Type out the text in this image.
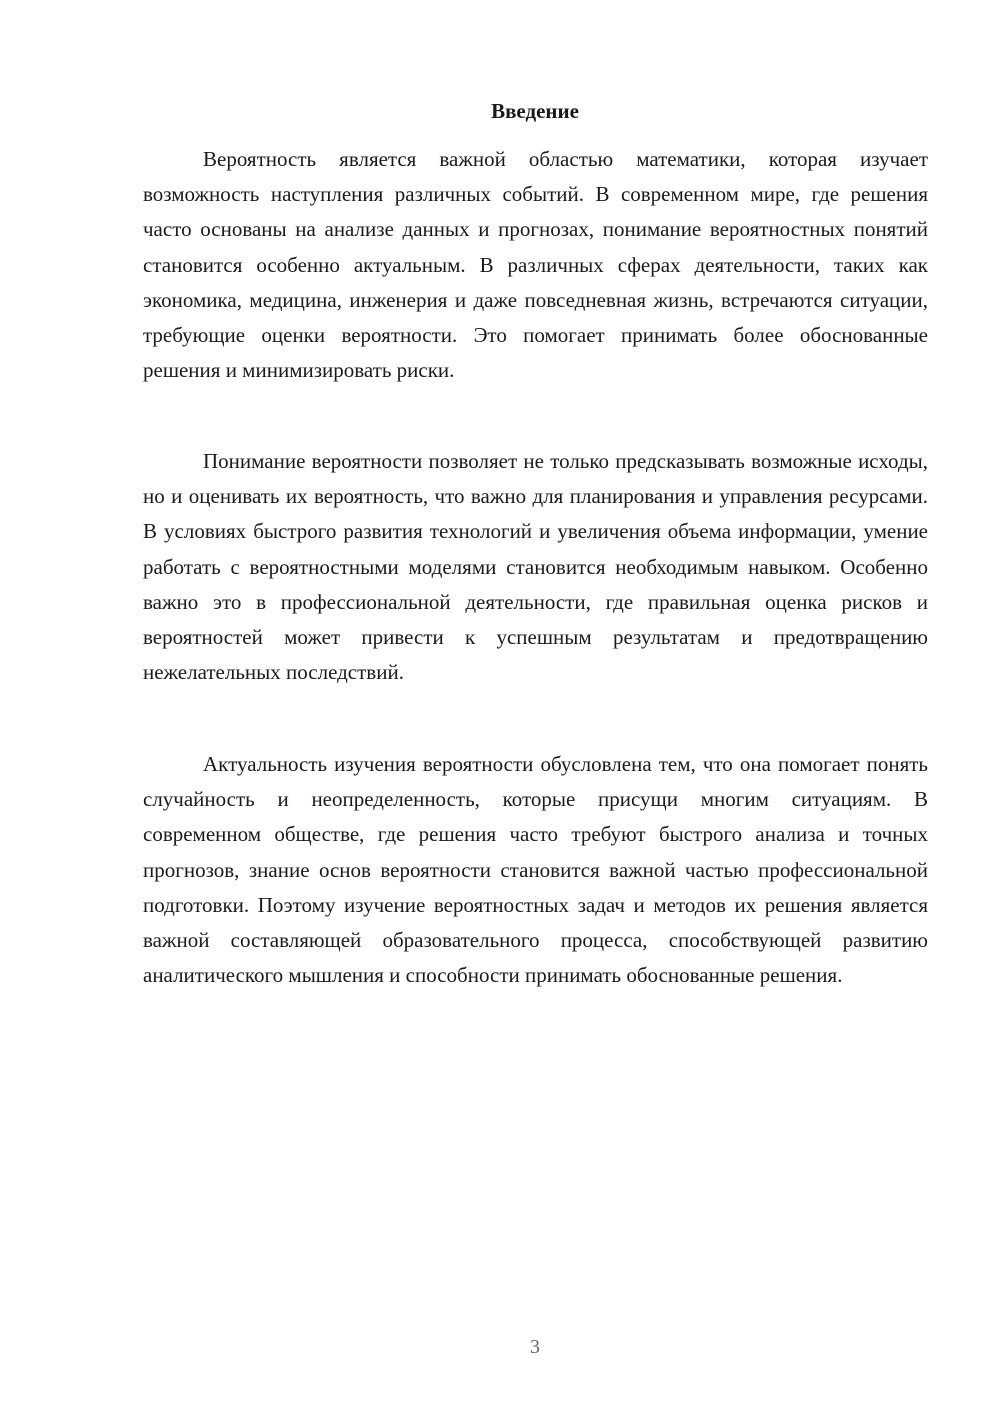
Введение

Вероятность является важной областью математики, которая изучает возможность наступления различных событий. В современном мире, где решения часто основаны на анализе данных и прогнозах, понимание вероятностных понятий становится особенно актуальным. В различных сферах деятельности, таких как экономика, медицина, инженерия и даже повседневная жизнь, встречаются ситуации, требующие оценки вероятности. Это помогает принимать более обоснованные решения и минимизировать риски.

Понимание вероятности позволяет не только предсказывать возможные исходы, но и оценивать их вероятность, что важно для планирования и управления ресурсами. В условиях быстрого развития технологий и увеличения объема информации, умение работать с вероятностными моделями становится необходимым навыком. Особенно важно это в профессиональной деятельности, где правильная оценка рисков и вероятностей может привести к успешным результатам и предотвращению нежелательных последствий.

Актуальность изучения вероятности обусловлена тем, что она помогает понять случайность и неопределенность, которые присущи многим ситуациям. В современном обществе, где решения часто требуют быстрого анализа и точных прогнозов, знание основ вероятности становится важной частью профессиональной подготовки. Поэтому изучение вероятностных задач и методов их решения является важной составляющей образовательного процесса, способствующей развитию аналитического мышления и способности принимать обоснованные решения.

3
